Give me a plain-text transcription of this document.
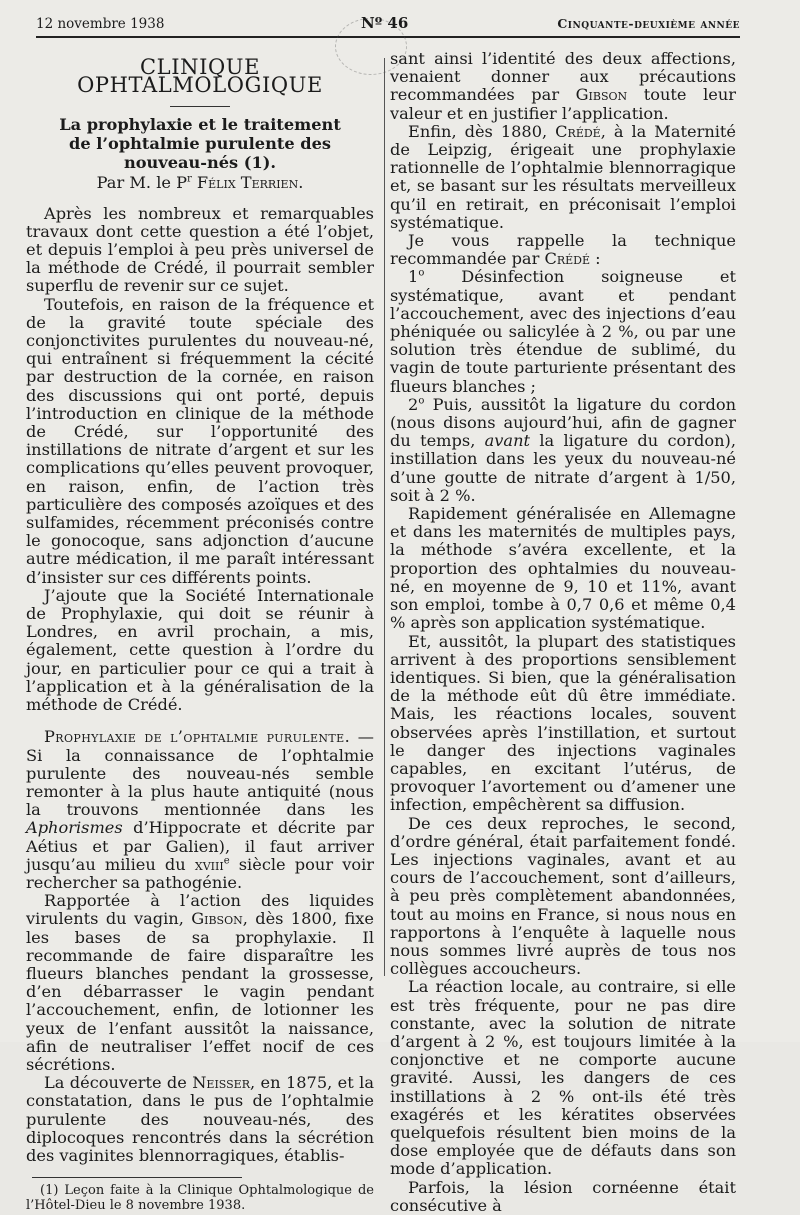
12 novembre 1938	Nº 46	Cinquante-deuxième année
CLINIQUE OPHTALMOLOGIQUE
La prophylaxie et le traitement
de l’ophtalmie purulente des nouveau-nés (1).
Par M. le $P^r$ Félix Terrien.

Après les nombreux et remarquables travaux dont cette question a été l’objet, et depuis l’emploi à peu près universel de la méthode de Crédé, il pourrait sembler superflu de revenir sur ce sujet.

Toutefois, en raison de la fréquence et de la gravité toute spéciale des conjonctivites purulentes du nouveau-né, qui entraînent si fréquemment la cécité par destruction de la cornée, en raison des discussions qui ont porté, depuis l’introduction en clinique de la méthode de Crédé, sur l’opportunité des instillations de nitrate d’argent et sur les complications qu’elles peuvent provoquer, en raison, enfin, de l’action très particulière des composés azoïques et des sulfamides, récemment préconisés contre le gonocoque, sans adjonction d’aucune autre médication, il me paraît intéressant d’insister sur ces différents points.

J’ajoute que la Société Internationale de Prophylaxie, qui doit se réunir à Londres, en avril prochain, a mis, également, cette question à l’ordre du jour, en particulier pour ce qui a trait à l’application et à la généralisation de la méthode de Crédé.

Prophylaxie de l’ophtalmie purulente. — Si la connaissance de l’ophtalmie purulente des nouveau-nés semble remonter à la plus haute antiquité (nous la trouvons mentionnée dans les Aphorismes d’Hippocrate et décrite par Aétius et par Galien), il faut arriver jusqu’au milieu du xviii$^e$ siècle pour voir rechercher sa pathogénie.

Rapportée à l’action des liquides virulents du vagin, Gibson, dès 1800, fixe les bases de sa prophylaxie. Il recommande de faire disparaître les flueurs blanches pendant la grossesse, d’en débarrasser le vagin pendant l’accouchement, enfin, de lotionner les yeux de l’enfant aussitôt la naissance, afin de neutraliser l’effet nocif de ces sécrétions.

La découverte de Neisser, en 1875, et la constatation, dans le pus de l’ophtalmie purulente des nouveau-nés, des diplocoques rencontrés dans la sécrétion des vaginites blennorragiques, établis-

(1) Leçon faite à la Clinique Ophtalmologique de l’Hôtel-Dieu le 8 novembre 1938.

sant ainsi l’identité des deux affections, venaient donner aux précautions recommandées par Gibson toute leur valeur et en justifier l’application.

Enfin, dès 1880, Crédé, à la Maternité de Leipzig, érigeait une prophylaxie rationnelle de l’ophtalmie blennorragique et, se basant sur les résultats merveilleux qu’il en retirait, en préconisait l’emploi systématique.

Je vous rappelle la technique recommandée par Crédé :

1$^o$ Désinfection soigneuse et systématique, avant et pendant l’accouchement, avec des injections d’eau phéniquée ou salicylée à 2 %, ou par une solution très étendue de sublimé, du vagin de toute parturiente présentant des flueurs blanches ;

2$^o$ Puis, aussitôt la ligature du cordon (nous disons aujourd’hui, afin de gagner du temps, avant la ligature du cordon), instillation dans les yeux du nouveau-né d’une goutte de nitrate d’argent à 1/50, soit à 2 %.

Rapidement généralisée en Allemagne et dans les maternités de multiples pays, la méthode s’avéra excellente, et la proportion des ophtalmies du nouveau-né, en moyenne de 9, 10 et 11%, avant son emploi, tombe à 0,7 0,6 et même 0,4 % après son application systématique.

Et, aussitôt, la plupart des statistiques arrivent à des proportions sensiblement identiques. Si bien, que la généralisation de la méthode eût dû être immédiate. Mais, les réactions locales, souvent observées après l’instillation, et surtout le danger des injections vaginales capables, en excitant l’utérus, de provoquer l’avortement ou d’amener une infection, empêchèrent sa diffusion.

De ces deux reproches, le second, d’ordre général, était parfaitement fondé. Les injections vaginales, avant et au cours de l’accouchement, sont d’ailleurs, à peu près complètement abandonnées, tout au moins en France, si nous nous en rapportons à l’enquête à laquelle nous nous sommes livré auprès de tous nos collègues accoucheurs.

La réaction locale, au contraire, si elle est très fréquente, pour ne pas dire constante, avec la solution de nitrate d’argent à 2 %, est toujours limitée à la conjonctive et ne comporte aucune gravité. Aussi, les dangers de ces instillations à 2 % ont-ils été très exagérés et les kératites observées quelquefois résultent bien moins de la dose employée que de défauts dans son mode d’application.

Parfois, la lésion cornéenne était consécutive à
